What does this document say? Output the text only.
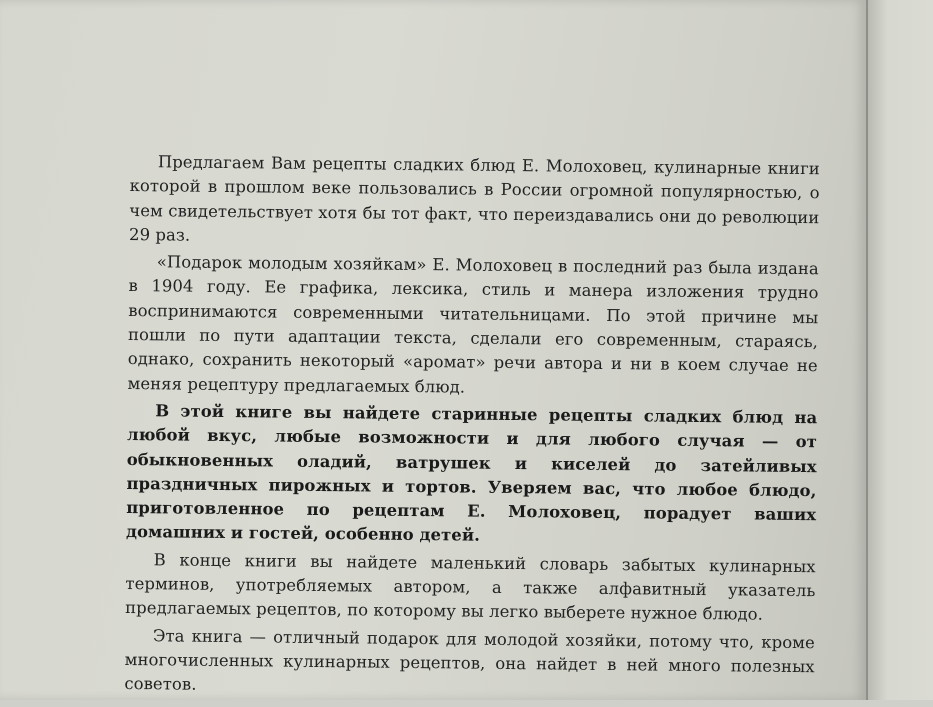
Предлагаем Вам рецепты сладких блюд Е. Молоховец, кулинарные книги которой в прошлом веке пользовались в России огромной популярностью, о чем свидетельствует хотя бы тот факт, что переиздавались они до революции 29 раз.

«Подарок молодым хозяйкам» Е. Молоховец в последний раз была издана в 1904 году. Ее графика, лексика, стиль и манера изложения трудно воспринимаются современными читательницами. По этой причине мы пошли по пути адаптации текста, сделали его современным, стараясь, однако, сохранить некоторый «аромат» речи автора и ни в коем случае не меняя рецептуру предлагаемых блюд.

В этой книге вы найдете старинные рецепты сладких блюд на любой вкус, любые возможности и для любого случая — от обыкновенных оладий, ватрушек и киселей до затейливых праздничных пирожных и тортов. Уверяем вас, что любое блюдо, приготовленное по рецептам Е. Молоховец, порадует ваших домашних и гостей, особенно детей.

В конце книги вы найдете маленький словарь забытых кулинарных терминов, употребляемых автором, а также алфавитный указатель предлагаемых рецептов, по которому вы легко выберете нужное блюдо.

Эта книга — отличный подарок для молодой хозяйки, потому что, кроме многочисленных кулинарных рецептов, она найдет в ней много полезных советов.
